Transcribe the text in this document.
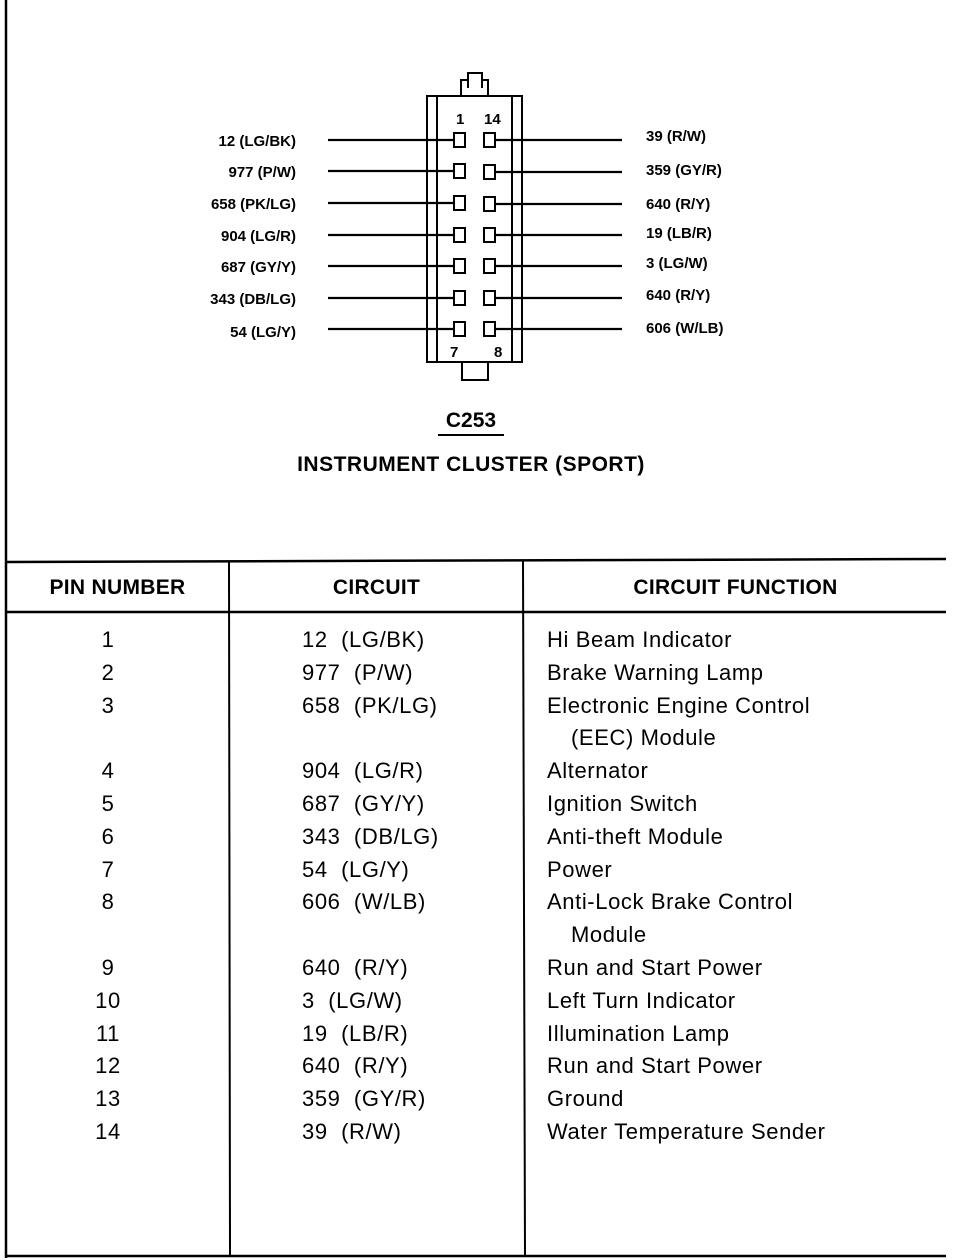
1 14
7 8
12 (LG/BK)
977 (P/W)
658 (PK/LG)
904 (LG/R)
687 (GY/Y)
343 (DB/LG)
54 (LG/Y)
39 (R/W)
359 (GY/R)
640 (R/Y)
19 (LB/R)
3 (LG/W)
640 (R/Y)
606 (W/LB)
C253
INSTRUMENT CLUSTER (SPORT)
PIN NUMBER	CIRCUIT	CIRCUIT FUNCTION
1	12  (LG/BK)	Hi Beam Indicator
2	977  (P/W)	Brake Warning Lamp
3	658  (PK/LG)	Electronic Engine Control
(EEC) Module
4	904  (LG/R)	Alternator
5	687  (GY/Y)	Ignition Switch
6	343  (DB/LG)	Anti-theft Module
7	54  (LG/Y)	Power
8	606  (W/LB)	Anti-Lock Brake Control
Module
9	640  (R/Y)	Run and Start Power
10	3  (LG/W)	Left Turn Indicator
11	19  (LB/R)	Illumination Lamp
12	640  (R/Y)	Run and Start Power
13	359  (GY/R)	Ground
14	39  (R/W)	Water Temperature Sender
